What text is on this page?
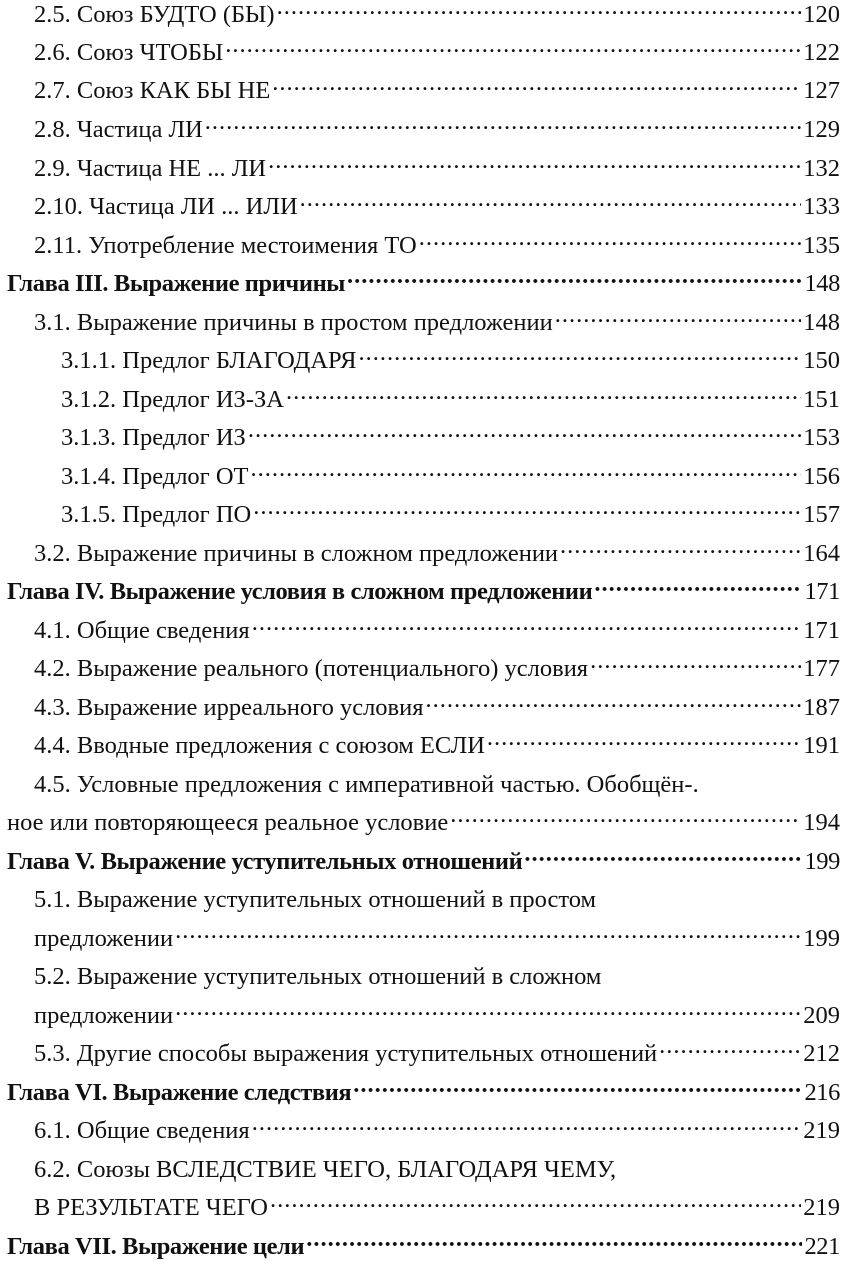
2.5. Союз БУДТО (БЫ) .....	120
2.6. Союз ЧТОБЫ .....	122
2.7. Союз КАК БЫ НЕ .....	127
2.8. Частица ЛИ .....	129
2.9. Частица НЕ ... ЛИ .....	132
2.10. Частица ЛИ ... ИЛИ .....	133
2.11. Употребление местоимения ТО .....	135
Глава III. Выражение причины .....	148
3.1. Выражение причины в простом предложении .....	148
3.1.1. Предлог БЛАГОДАРЯ .....	150
3.1.2. Предлог ИЗ-ЗА .....	151
3.1.3. Предлог ИЗ .....	153
3.1.4. Предлог ОТ .....	156
3.1.5. Предлог ПО .....	157
3.2. Выражение причины в сложном предложении .....	164
Глава IV. Выражение условия в сложном предложении .....	171
4.1. Общие сведения .....	171
4.2. Выражение реального (потенциального) условия .....	177
4.3. Выражение ирреального условия .....	187
4.4. Вводные предложения с союзом ЕСЛИ .....	191
4.5. Условные предложения с императивной частью. Обобщён-.
ное или повторяющееся реальное условие .....	194
Глава V. Выражение уступительных отношений .....	199
5.1. Выражение уступительных отношений в простом
предложении .....	199
5.2. Выражение уступительных отношений в сложном
предложении .....	209
5.3. Другие способы выражения уступительных отношений .....	212
Глава VI. Выражение следствия .....	216
6.1. Общие сведения .....	219
6.2. Союзы ВСЛЕДСТВИЕ ЧЕГО, БЛАГОДАРЯ ЧЕМУ,
В РЕЗУЛЬТАТЕ ЧЕГО .....	219
Глава VII. Выражение цели .....	221
